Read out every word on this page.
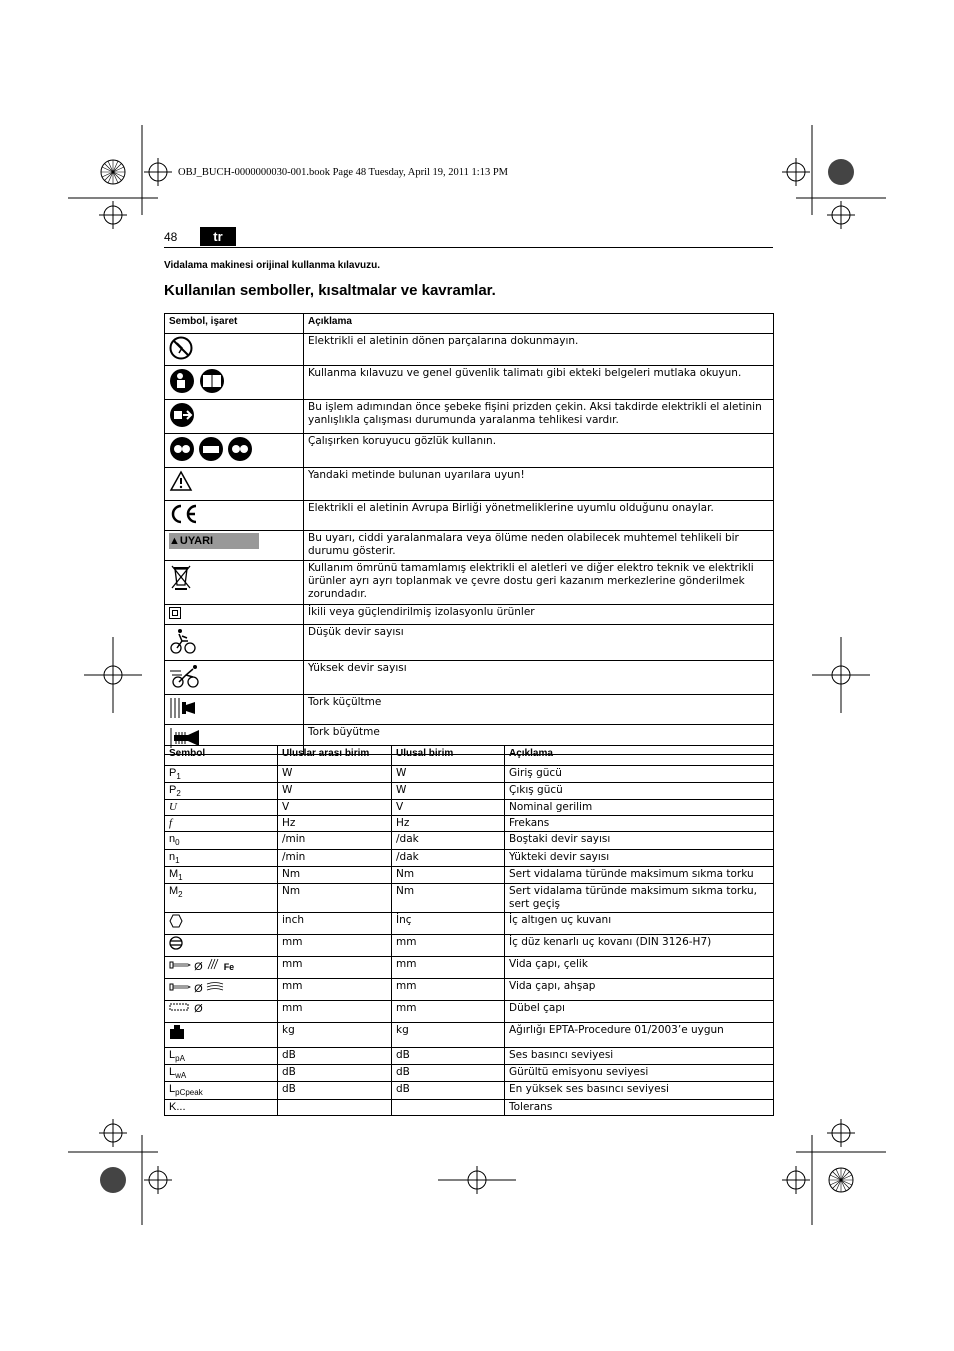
OBJ_BUCH-0000000030-001.book Page 48 Tuesday, April 19, 2011 1:13 PM
48	tr
Vidalama makinesi orijinal kullanma kılavuzu.
Kullanılan semboller, kısaltmalar ve kavramlar.
Sembol, işaret	Açıklama
	Elektrikli el aletinin dönen parçalarına dokunmayın.
	Kullanma kılavuzu ve genel güvenlik talimatı gibi ekteki belgeleri mutlaka okuyun.
	Bu işlem adımından önce şebeke fişini prizden çekin. Aksi takdirde elektrikli el aletinin yanlışlıkla çalışması durumunda yaralanma tehlikesi vardır.
	Çalışırken koruyucu gözlük kullanın.
	Yandaki metinde bulunan uyarılara uyun!
	Elektrikli el aletinin Avrupa Birliği yönetmeliklerine uyumlu olduğunu onaylar.
▲UYARI	Bu uyarı, ciddi yaralanmalara veya ölüme neden olabilecek muhtemel tehlikeli bir durumu gösterir.
	Kullanım ömrünü tamamlamış elektrikli el aletleri ve diğer elektro teknik ve elektrikli ürünler ayrı ayrı toplanmak ve çevre dostu geri kazanım merkezlerine gönderilmek zorundadır.
	İkili veya güçlendirilmiş izolasyonlu ürünler
	Düşük devir sayısı
	Yüksek devir sayısı
	Tork küçültme
	Tork büyütme
Sembol	Uluslar arası birim	Ulusal birim	Açıklama
$P_1$	W	W	Giriş gücü
$P_2$	W	W	Çıkış gücü
U	V	V	Nominal gerilim
f	Hz	Hz	Frekans
$n_0$	/min	/dak	Boştaki devir sayısı
$n_1$	/min	/dak	Yükteki devir sayısı
$M_1$	Nm	Nm	Sert vidalama türünde maksimum sıkma torku
$M_2$	Nm	Nm	Sert vidalama türünde maksimum sıkma torku, sert geçiş
	inch	İnç	İç altıgen uç kuvanı
	mm	mm	İç düz kenarlı uç kovanı (DIN 3126-H7)
Ø Fe	mm	mm	Vida çapı, çelik
Ø	mm	mm	Vida çapı, ahşap
Ø	mm	mm	Dübel çapı
	kg	kg	Ağırlığı EPTA-Procedure 01/2003’e uygun
$L_{pA}$	dB	dB	Ses basıncı seviyesi
$L_{wA}$	dB	dB	Gürültü emisyonu seviyesi
$L_{pCpeak}$	dB	dB	En yüksek ses basıncı seviyesi
K...			Tolerans
